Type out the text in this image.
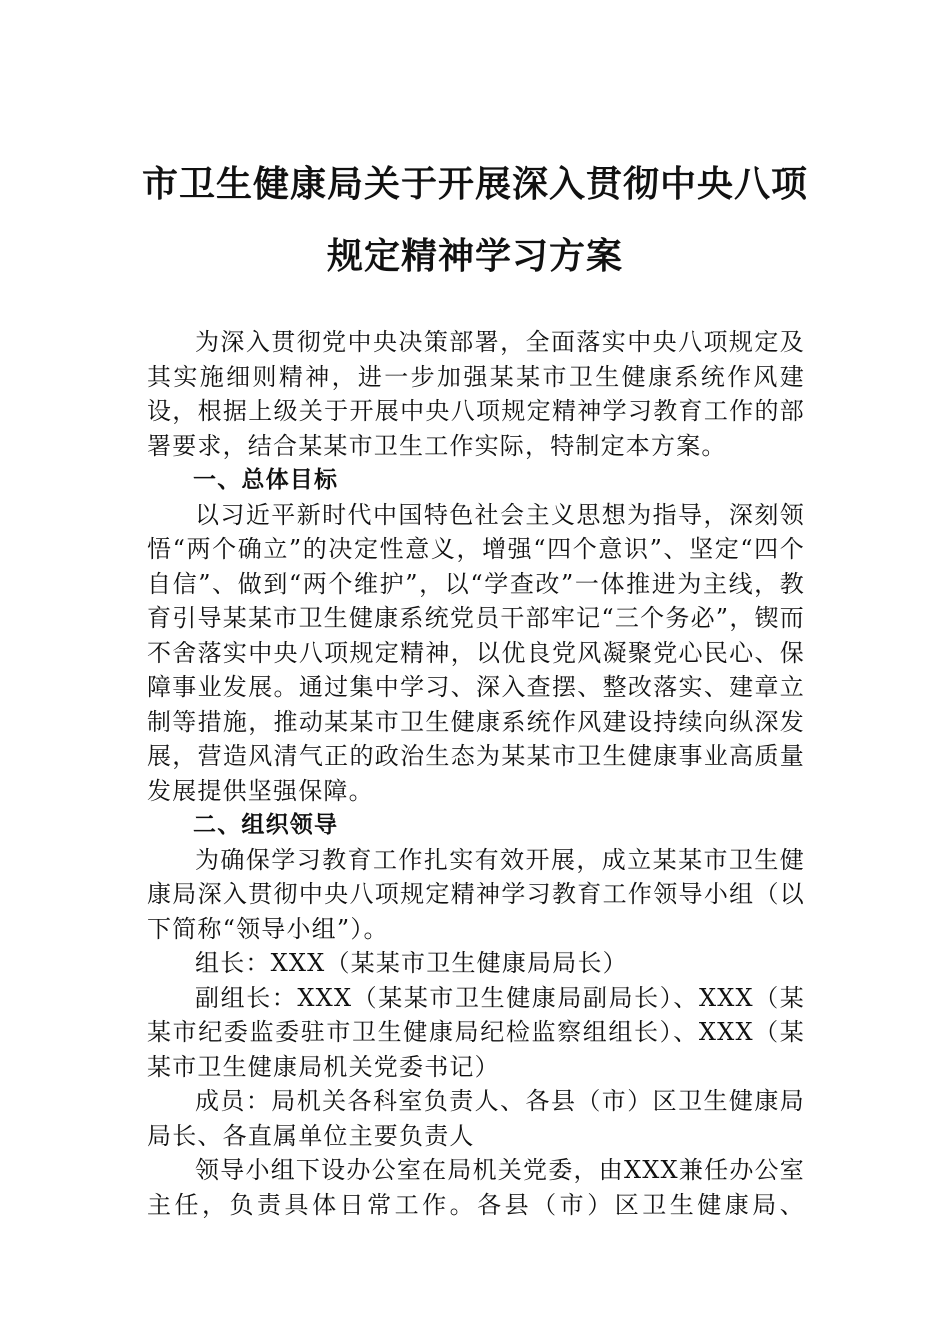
市卫生健康局关于开展深入贯彻中央八项
规定精神学习方案

为深入贯彻党中央决策部署，全面落实中央八项规定及其实施细则精神，进一步加强某某市卫生健康系统作风建设，根据上级关于开展中央八项规定精神学习教育工作的部署要求，结合某某市卫生工作实际，特制定本方案。

一、总体目标

以习近平新时代中国特色社会主义思想为指导，深刻领悟“两个确立”的决定性意义，增强“四个意识”、坚定“四个自信”、做到“两个维护”，以“学查改”一体推进为主线，教育引导某某市卫生健康系统党员干部牢记“三个务必”，锲而不舍落实中央八项规定精神，以优良党风凝聚党心民心、保障事业发展。通过集中学习、深入查摆、整改落实、建章立制等措施，推动某某市卫生健康系统作风建设持续向纵深发展，营造风清气正的政治生态为某某市卫生健康事业高质量发展提供坚强保障。

二、组织领导

为确保学习教育工作扎实有效开展，成立某某市卫生健康局深入贯彻中央八项规定精神学习教育工作领导小组（以下简称“领导小组”）。

组长：XXX（某某市卫生健康局局长）

副组长：XXX（某某市卫生健康局副局长）、XXX（某某市纪委监委驻市卫生健康局纪检监察组组长）、XXX（某某市卫生健康局机关党委书记）

成员：局机关各科室负责人、各县（市）区卫生健康局局长、各直属单位主要负责人

领导小组下设办公室在局机关党委，由XXX兼任办公室主任，负责具体日常工作。各县（市）区卫生健康局、
